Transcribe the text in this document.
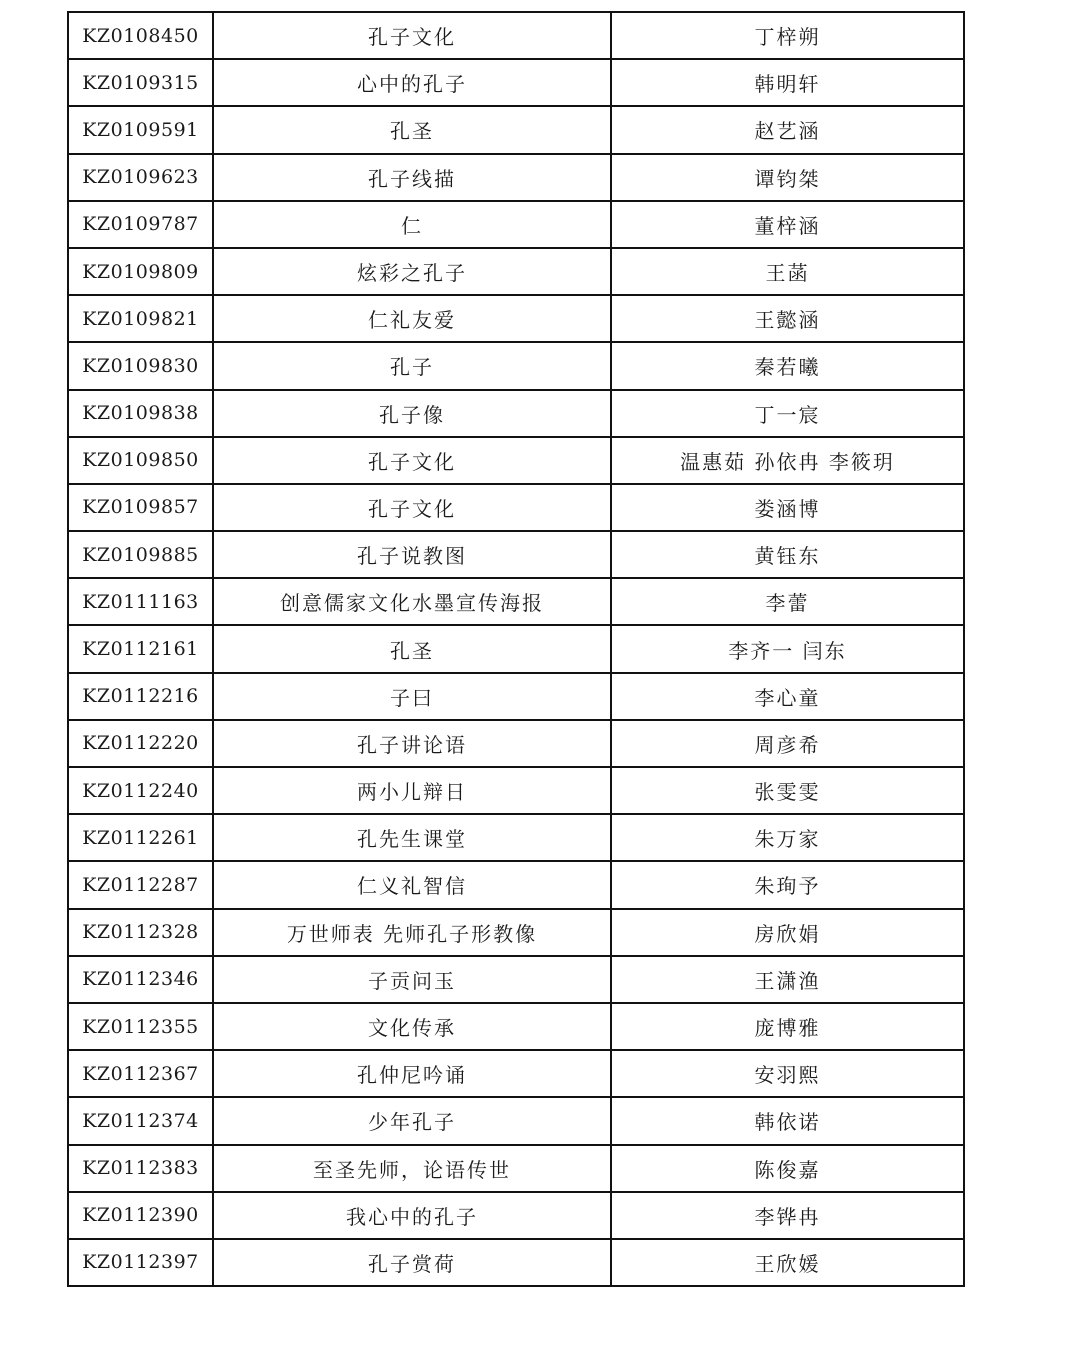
KZ0108450	孔子文化	丁梓朔
KZ0109315	心中的孔子	韩明轩
KZ0109591	孔圣	赵艺涵
KZ0109623	孔子线描	谭钧桀
KZ0109787	仁	董梓涵
KZ0109809	炫彩之孔子	王菡
KZ0109821	仁礼友爱	王懿涵
KZ0109830	孔子	秦若曦
KZ0109838	孔子像	丁一宸
KZ0109850	孔子文化	温惠茹 孙依冉 李筱玥
KZ0109857	孔子文化	娄涵博
KZ0109885	孔子说教图	黄钰东
KZ0111163	创意儒家文化水墨宣传海报	李蕾
KZ0112161	孔圣	李齐一 闫东
KZ0112216	子曰	李心童
KZ0112220	孔子讲论语	周彦希
KZ0112240	两小儿辩日	张雯雯
KZ0112261	孔先生课堂	朱万家
KZ0112287	仁义礼智信	朱珣予
KZ0112328	万世师表 先师孔子形教像	房欣娟
KZ0112346	子贡问玉	王潇渔
KZ0112355	文化传承	庞博雅
KZ0112367	孔仲尼吟诵	安羽熙
KZ0112374	少年孔子	韩依诺
KZ0112383	至圣先师，论语传世	陈俊嘉
KZ0112390	我心中的孔子	李铧冉
KZ0112397	孔子赏荷	王欣媛
